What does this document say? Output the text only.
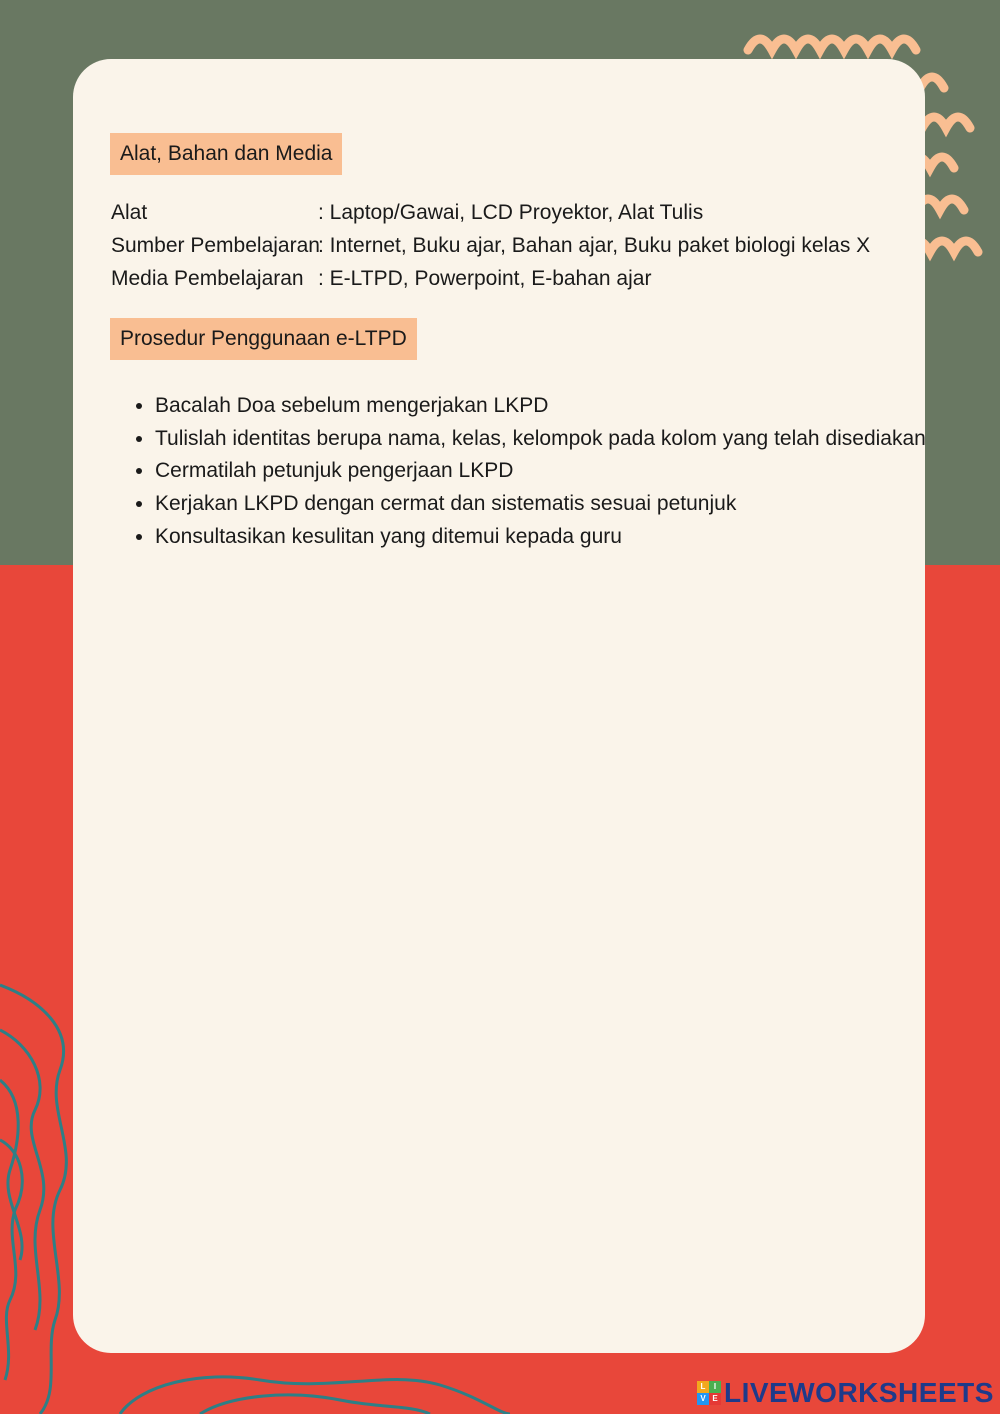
Alat, Bahan dan Media
Alat	: Laptop/Gawai, LCD Proyektor, Alat Tulis
Sumber Pembelajaran: Internet, Buku ajar, Bahan ajar, Buku paket biologi kelas X
Media Pembelajaran : E-LTPD, Powerpoint, E-bahan ajar
Prosedur Penggunaan e-LTPD
• Bacalah Doa sebelum mengerjakan LKPD
• Tulislah identitas berupa nama, kelas, kelompok pada kolom yang telah disediakan
• Cermatilah petunjuk pengerjaan LKPD
• Kerjakan LKPD dengan cermat dan sistematis sesuai petunjuk
• Konsultasikan kesulitan yang ditemui kepada guru
L	I
V E LIVEWORKSHEETS
